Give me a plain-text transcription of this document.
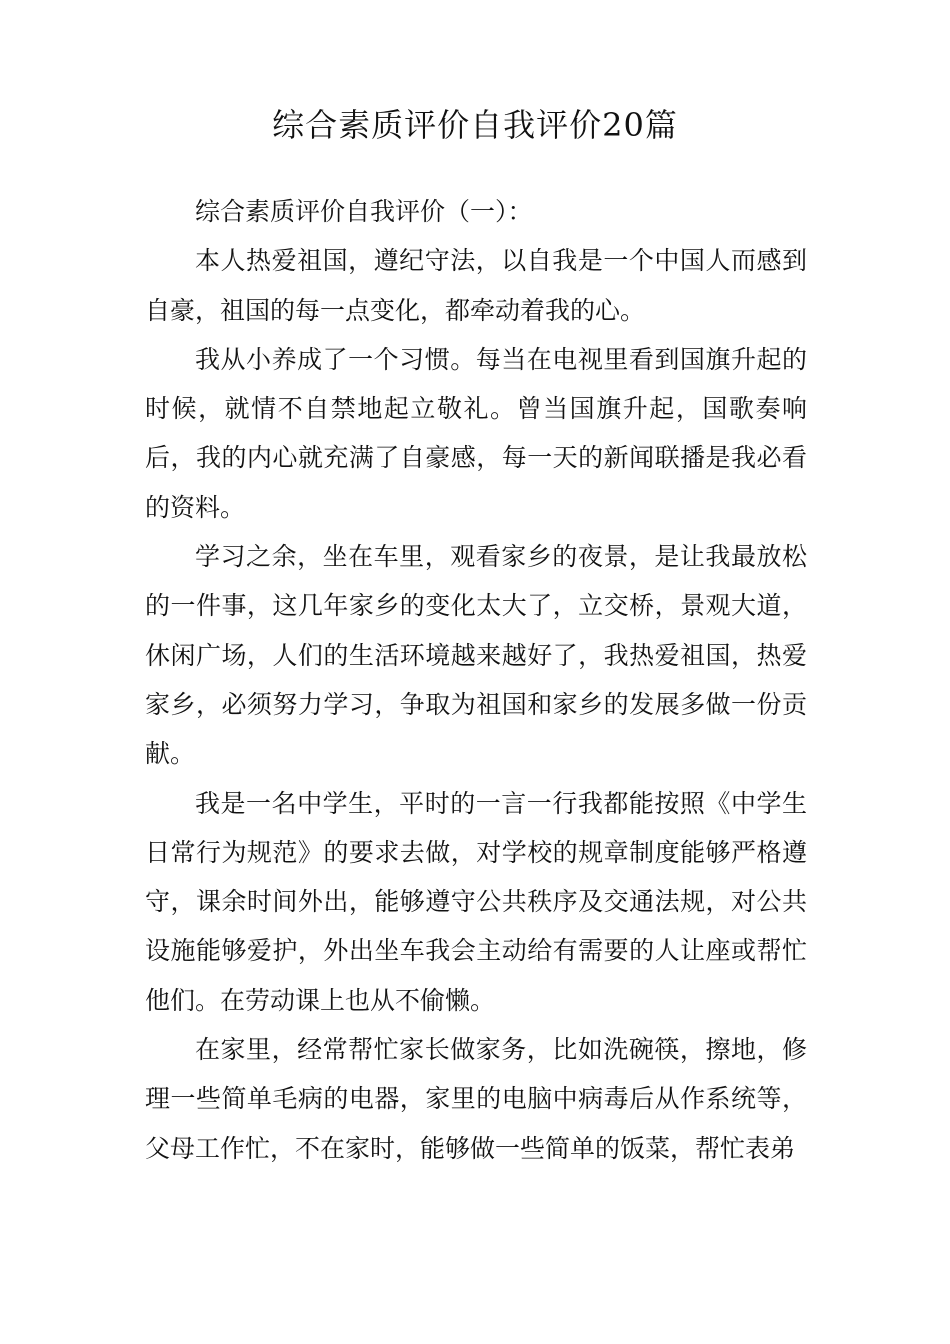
综合素质评价自我评价20篇

综合素质评价自我评价（一）：

本人热爱祖国，遵纪守法，以自我是一个中国人而感到自豪，祖国的每一点变化，都牵动着我的心。

我从小养成了一个习惯。每当在电视里看到国旗升起的时候，就情不自禁地起立敬礼。曾当国旗升起，国歌奏响后，我的内心就充满了自豪感，每一天的新闻联播是我必看的资料。

学习之余，坐在车里，观看家乡的夜景，是让我最放松的一件事，这几年家乡的变化太大了，立交桥，景观大道，休闲广场，人们的生活环境越来越好了，我热爱祖国，热爱家乡，必须努力学习，争取为祖国和家乡的发展多做一份贡献。

我是一名中学生，平时的一言一行我都能按照《中学生日常行为规范》的要求去做，对学校的规章制度能够严格遵守，课余时间外出，能够遵守公共秩序及交通法规，对公共设施能够爱护，外出坐车我会主动给有需要的人让座或帮忙他们。在劳动课上也从不偷懒。

在家里，经常帮忙家长做家务，比如洗碗筷，擦地，修理一些简单毛病的电器，家里的电脑中病毒后从作系统等，父母工作忙，不在家时，能够做一些简单的饭菜，帮忙表弟
